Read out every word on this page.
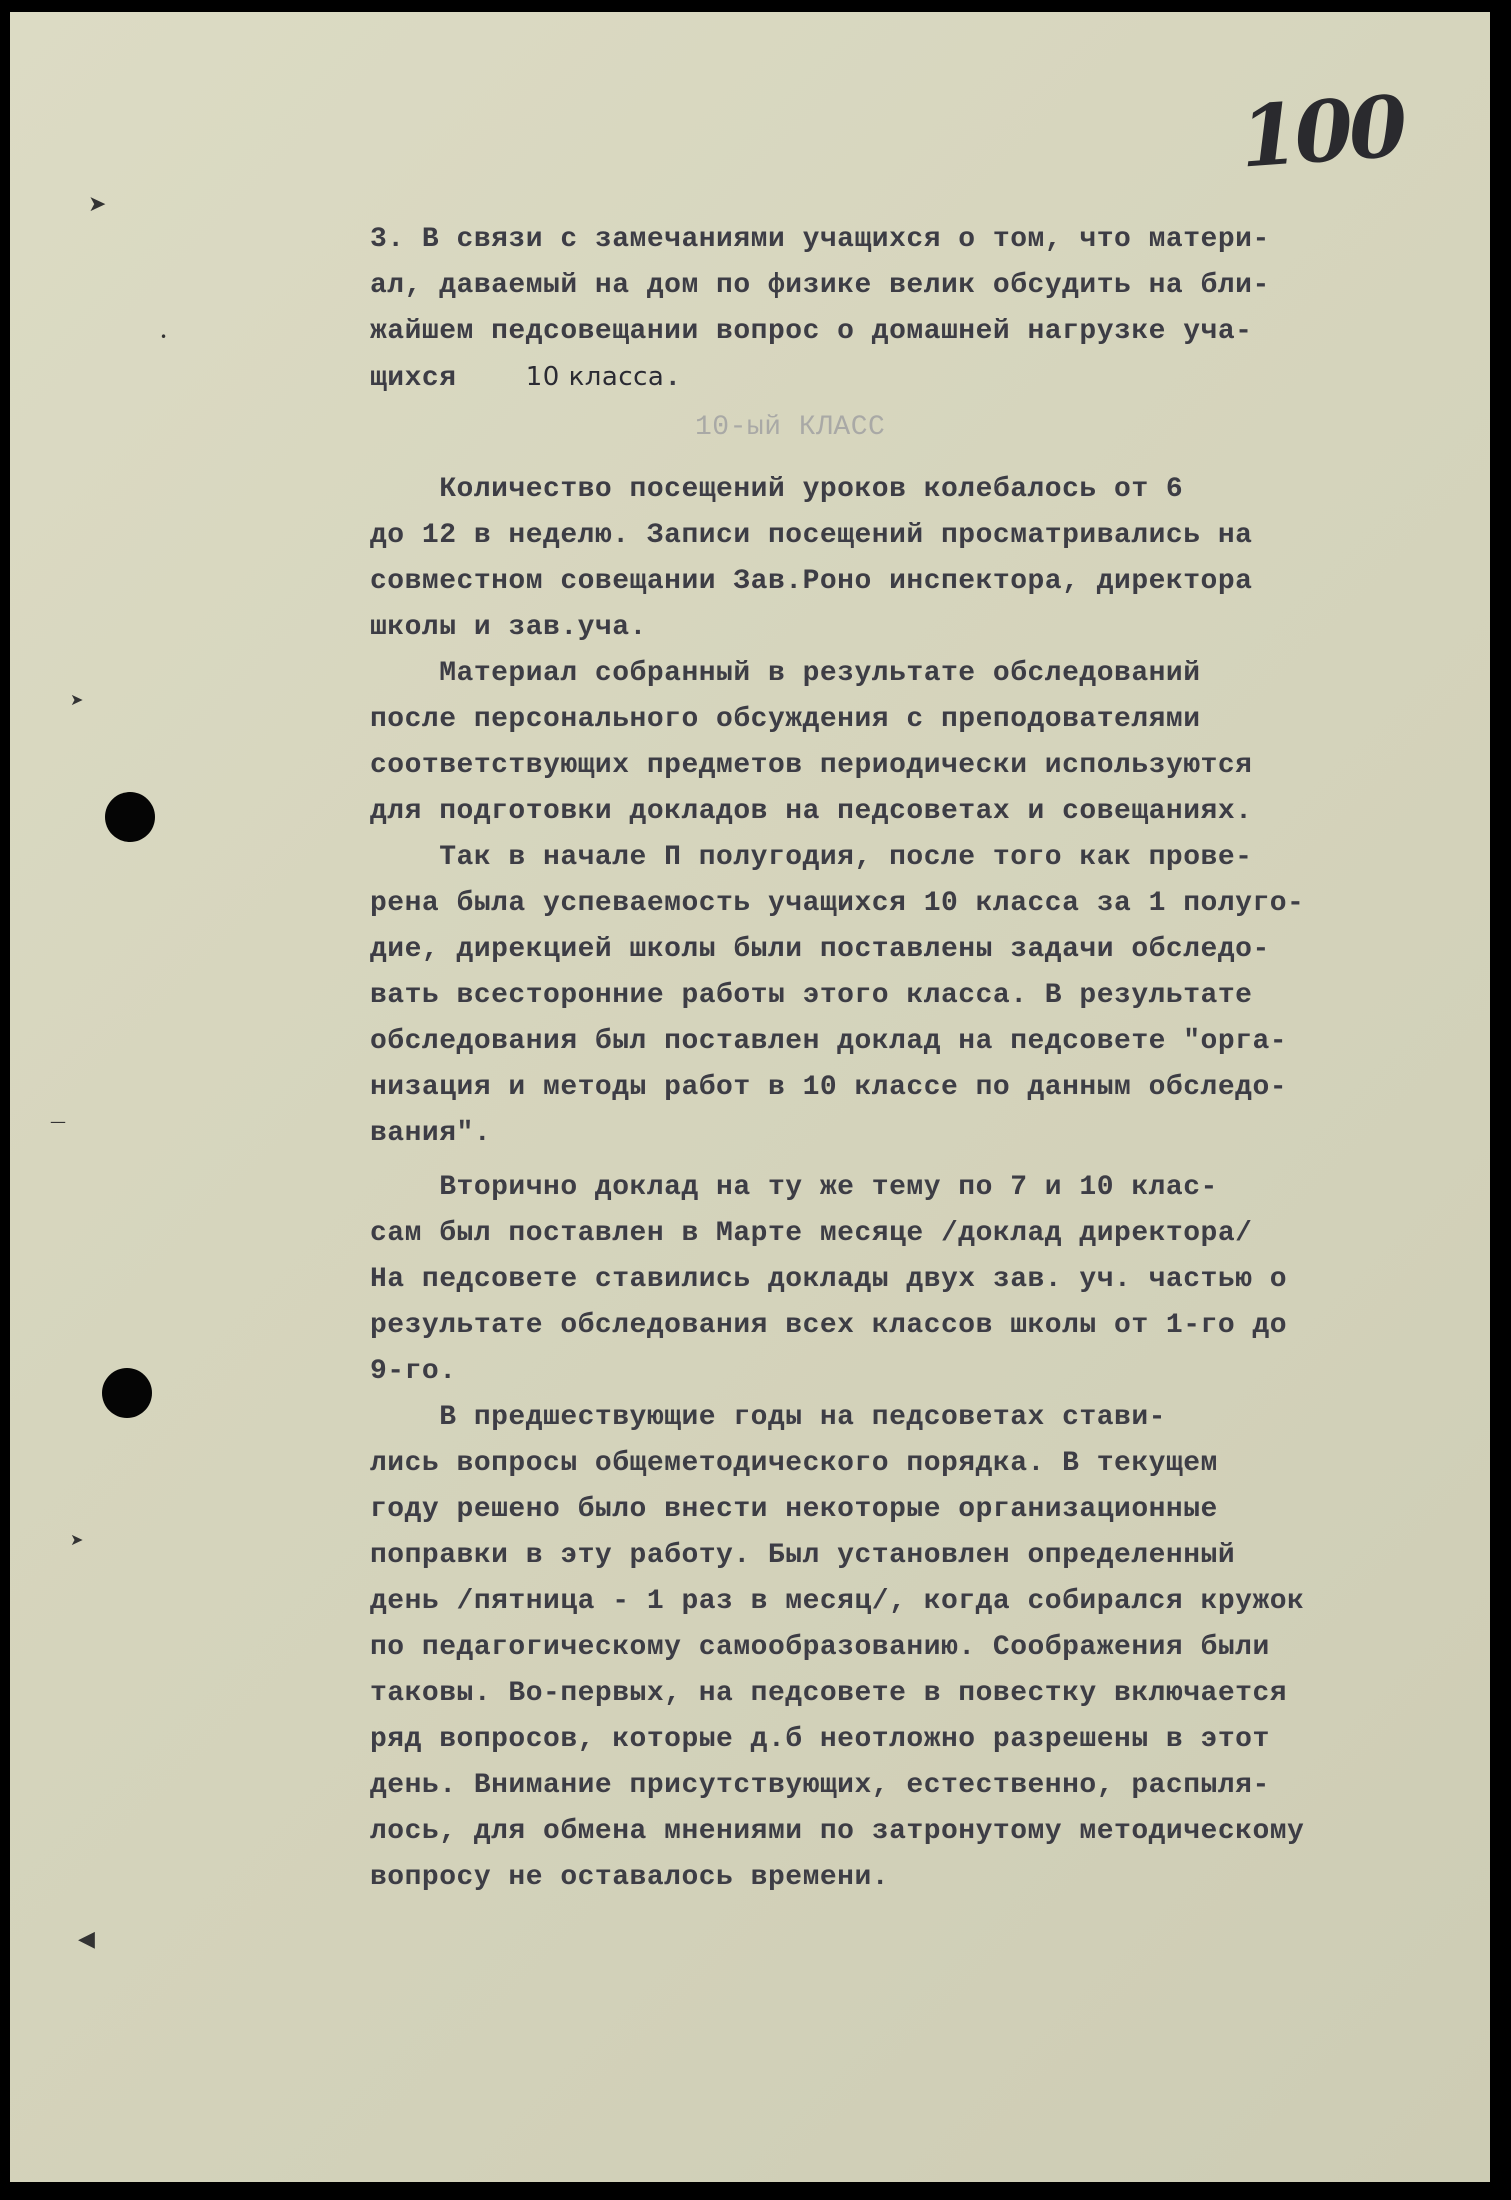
100
➤
•
➤
—
➤
◀
3. В связи с замечаниями учащихся о том, что матери-
ал, даваемый на дом по физике велик обсудить на бли-
жайшем педсовещании вопрос о домашней нагрузке уча-
щихся	10 класса.
10-ый КЛАСС
Количество посещений уроков колебалось от 6
до 12 в неделю. Записи посещений просматривались на
совместном совещании Зав.Роно инспектора, директора
школы и зав.уча.
Материал собранный в результате обследований
после персонального обсуждения с преподователями
соответствующих предметов периодически используются
для подготовки докладов на педсоветах и совещаниях.
Так в начале П полугодия, после того как прове-
рена была успеваемость учащихся 10 класса за 1 полуго-
дие, дирекцией школы были поставлены задачи обследо-
вать всесторонние работы этого класса. В результате
обследования был поставлен доклад на педсовете "орга-
низация и методы работ в 10 классе по данным обследо-
вания".
Вторично доклад на ту же тему по 7 и 10 клас-
сам был поставлен в Марте месяце /доклад директора/
На педсовете ставились доклады двух зав. уч. частью о
результате обследования всех классов школы от 1-го до
9-го.
В предшествующие годы на педсоветах стави-
лись вопросы общеметодического порядка. В текущем
году решено было внести некоторые организационные
поправки в эту работу. Был установлен определенный
день /пятница - 1 раз в месяц/, когда собирался кружок
по педагогическому самообразованию. Соображения были
таковы. Во-первых, на педсовете в повестку включается
ряд вопросов, которые д.б неотложно разрешены в этот
день. Внимание присутствующих, естественно, распыля-
лось, для обмена мнениями по затронутому методическому
вопросу не оставалось времени.
